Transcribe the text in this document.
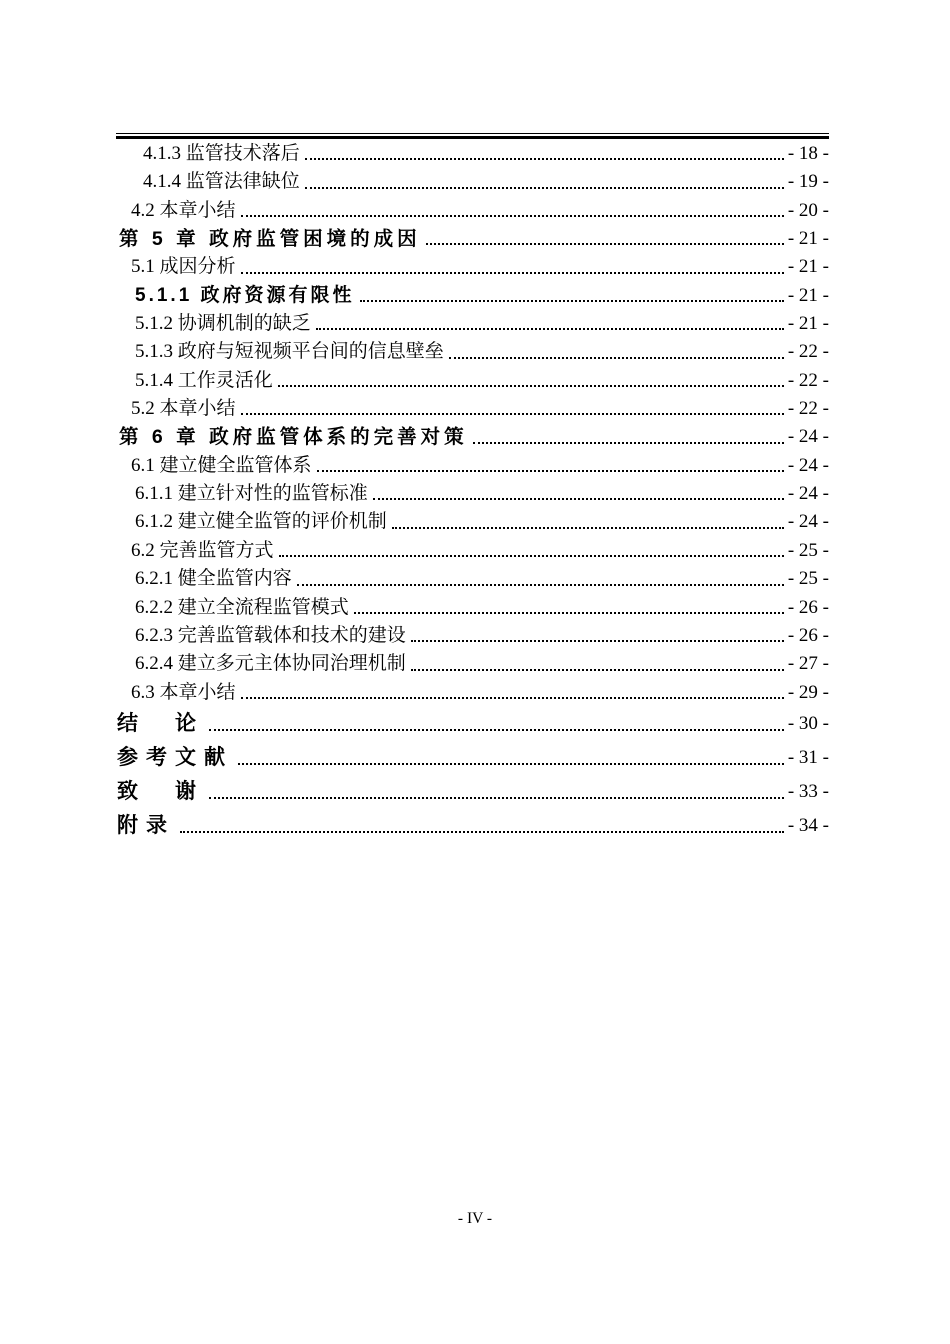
4.1.3 监管技术落后	- 18 -
4.1.4 监管法律缺位	- 19 -
4.2 本章小结	- 20 -
第 5 章 政府监管困境的成因	- 21 -
5.1 成因分析	- 21 -
5.1.1 政府资源有限性	- 21 -
5.1.2 协调机制的缺乏	- 21 -
5.1.3 政府与短视频平台间的信息壁垒	- 22 -
5.1.4 工作灵活化	- 22 -
5.2 本章小结	- 22 -
第 6 章 政府监管体系的完善对策	- 24 -
6.1 建立健全监管体系	- 24 -
6.1.1 建立针对性的监管标准	- 24 -
6.1.2 建立健全监管的评价机制	- 24 -
6.2 完善监管方式	- 25 -
6.2.1 健全监管内容	- 25 -
6.2.2 建立全流程监管模式	- 26 -
6.2.3 完善监管载体和技术的建设	- 26 -
6.2.4 建立多元主体协同治理机制	- 27 -
6.3 本章小结	- 29 -
结　论	- 30 -
参考文献	- 31 -
致　谢	- 33 -
附录	- 34 -
- IV -
